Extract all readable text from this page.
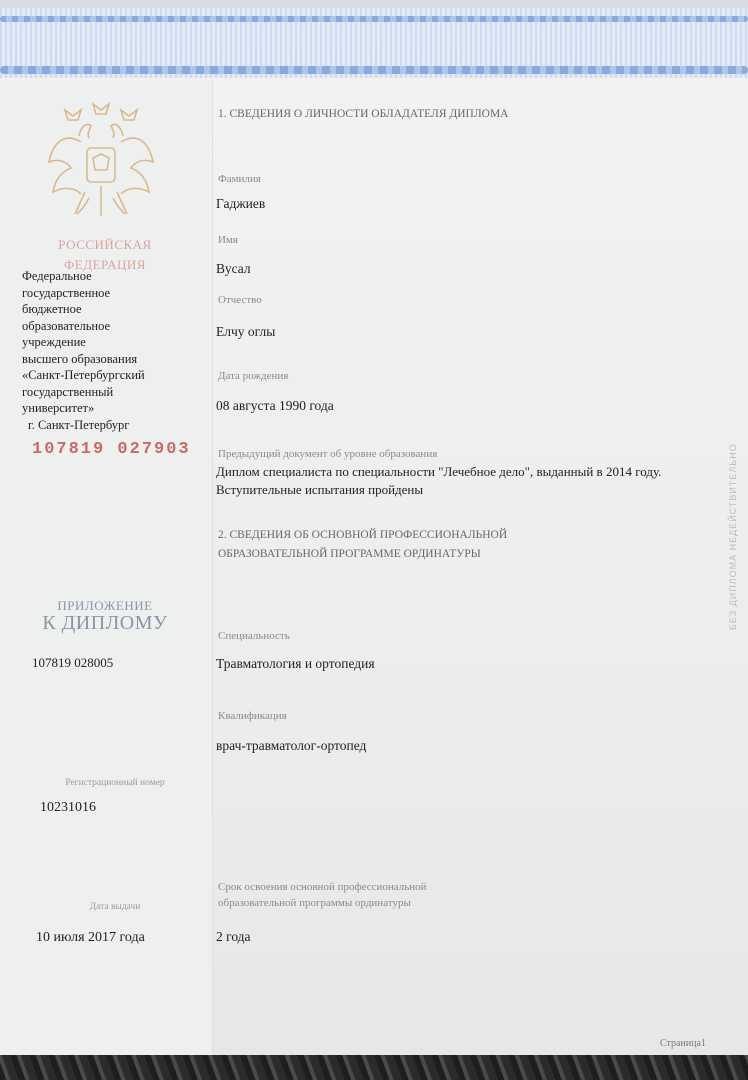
РОССИЙСКАЯ
ФЕДЕРАЦИЯ
Федеральное
государственное
бюджетное
образовательное
учреждение
высшего образования
«Санкт-Петербургский
государственный
университет»
г. Санкт-Петербург
107819 027903
ПРИЛОЖЕНИЕ
К ДИПЛОМУ
107819 028005
Регистрационный номер
10231016
Дата выдачи
10 июля 2017 года
1. СВЕДЕНИЯ О ЛИЧНОСТИ ОБЛАДАТЕЛЯ ДИПЛОМА
Фамилия
Гаджиев
Имя
Вусал
Отчество
Елчу оглы
Дата рождения
08 августа 1990 года
Предыдущий документ об уровне образования
Диплом специалиста по специальности "Лечебное дело", выданный в 2014 году.
Вступительные испытания пройдены
2. СВЕДЕНИЯ ОБ ОСНОВНОЙ ПРОФЕССИОНАЛЬНОЙ
ОБРАЗОВАТЕЛЬНОЙ ПРОГРАММЕ ОРДИНАТУРЫ
Специальность
Травматология и ортопедия
Квалификация
врач-травматолог-ортопед
Срок освоения основной профессиональной
образовательной программы ординатуры
2 года
БЕЗ ДИПЛОМА НЕДЕЙСТВИТЕЛЬНО
Страница1
